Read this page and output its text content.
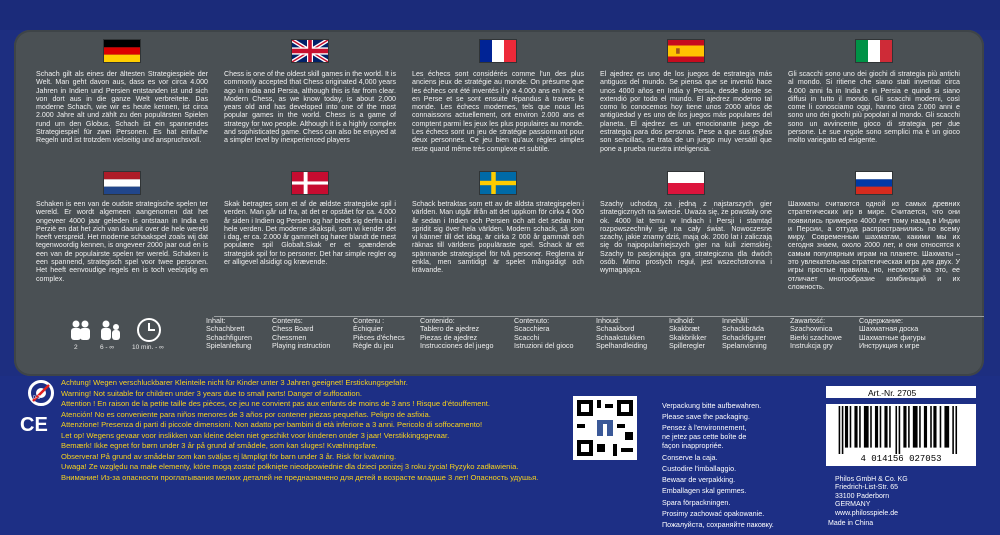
Schach gilt als eines der ältesten Strategiespiele der Welt. Man geht davon aus, dass es vor circa 4.000 Jahren in Indien und Persien entstanden ist und sich von dort aus in die ganze Welt verbreitete. Das moderne Schach, wie wir es heute kennen, ist circa 2.000 Jahre alt und zählt zu den populärsten Spielen rund um den Globus. Schach ist ein spannendes Strategiespiel für zwei Personen. Es hat einfache Regeln und ist trotzdem vielseitig und anspruchsvoll.
Chess is one of the oldest skill games in the world. It is commonly accepted that Chess originated 4,000 years ago in India and Persia, although this is far from clear. Modern Chess, as we know today, is about 2,000 years old and has developed into one of the most popular games in the world. Chess is a game of strategy for two people. Although it is a highly complex and sophisticated game. Chess can also be enjoyed at a simpler level by inexperienced players
Les échecs sont considérés comme l'un des plus anciens jeux de stratégie au monde. On présume que les échecs ont été inventés il y a 4.000 ans en Inde et en Perse et se sont ensuite répandus à travers le monde. Les échecs modernes, tels que nous les connaissons actuellement, ont environ 2.000 ans et comptent parmi les jeux les plus populaires au monde. Les échecs sont un jeu de stratégie passionnant pour deux personnes. Ce jeu bien qu'aux règles simples reste quand même très complexe et subtile.
El ajedrez es uno de los juegos de estrategia más antiguos del mundo. Se piensa que se inventó hace unos 4000 años en India y Persia, desde donde se extendió por todo el mundo. El ajedrez moderno tal como lo conocemos hoy tiene unos 2000 años de antigüedad y es uno de los juegos más populares del planeta. El ajedrez es un emocionante juego de estrategia para dos personas. Pese a que sus reglas son sencillas, se trata de un juego muy versátil que pone a prueba nuestra inteligencia.
Gli scacchi sono uno dei giochi di strategia più antichi al mondo. Si ritiene che siano stati inventati circa 4.000 anni fa in India e in Persia e quindi si siano diffusi in tutto il mondo. Gli scacchi moderni, così come li conosciamo oggi, hanno circa 2.000 anni e sono uno dei giochi più popolari al mondo. Gli scacchi sono un avvincente gioco di strategia per due persone. Le sue regole sono semplici ma è un gioco molto variegato ed esigente.
Schaken is een van de oudste strategische spelen ter wereld. Er wordt algemeen aangenomen dat het ongeveer 4000 jaar geleden is ontstaan in India en Perzië en dat het zich van daaruit over de hele wereld heeft verspreid. Het moderne schaakspel zoals wij dat tegenwoordig kennen, is ongeveer 2000 jaar oud en is een van de populairste spelen ter wereld. Schaken is een spannend, strategisch spel voor twee personen. Het heeft eenvoudige regels en is toch veelzijdig en complex.
Skak betragtes som et af de ældste strategiske spil i verden. Man går ud fra, at det er opstået for ca. 4.000 år siden i Indien og Persien og har bredt sig derfra ud i hele verden. Det moderne skakspil, som vi kender det i dag, er ca. 2.000 år gammelt og hører blandt de mest populære spil Globalt.Skak er et spændende strategisk spil for to personer. Det har simple regler og er alligevel alsidigt og krævende.
Schack betraktas som ett av de äldsta strategispelen i världen. Man utgår ifrån att det uppkom för cirka 4 000 år sedan i Indien och Persien och att det sedan har spridit sig över hela världen. Modern schack, så som vi känner till det idag, är cirka 2 000 år gammalt och räknas till världens populäraste spel. Schack är ett spännande strategispel för två personer. Reglerna är enkla, men samtidigt är spelet mångsidigt och krävande.
Szachy uchodzą za jedną z najstarszych gier strategicznych na świecie. Uważa się, że powstały one ok. 4000 lat temu w Indiach i Persji i stamtąd rozpowszechniły się na cały świat. Nowoczesne szachy, jakie znamy dziś, mają ok. 2000 lat i zaliczają się do najpopularniejszych gier na kuli ziemskiej. Szachy to pasjonująca gra strategiczna dla dwóch osób. Mimo prostych reguł, jest wszechstronna i wymagająca.
Шахматы считаются одной из самых древних стратегических игр в мире. Считается, что они появились примерно 4000 лет тому назад в Индии и Персии, а оттуда распространились по всему миру. Современным шахматам, какими мы их сегодня знаем, около 2000 лет, и они относятся к самым популярным играм на планете. Шахматы – это увлекательная стратегическая игра для двух. У игры простые правила, но, несмотря на это, ее отличает многообразие комбинаций и их сложность.
2	6 - ∞	10 min. - ∞
Inhalt:
Schachbrett
Schachfiguren
Spielanleitung
Contents:
Chess Board
Chessmen
Playing instruction
Contenu :
Échiquier
Pièces d'échecs
Règle du jeu
Contenido:
Tablero de ajedrez
Piezas de ajedrez
Instrucciones del juego
Contenuto:
Scacchiera
Scacchi
Istruzioni del gioco
Inhoud:
Schaakbord
Schaakstukken
Spelhandleiding
Indhold:
Skakbræt
Skakbrikker
Spilleregler
Innehåll:
Schackbräda
Schackfigurer
Spelanvisning
Zawartość:
Szachownica
Bierki szachowe
Instrukcja gry
Содержание:
Шахматная доска
Шахматные фигуры
Инструкция к игре
0-3
CE
Achtung! Wegen verschluckbarer Kleinteile nicht für Kinder unter 3 Jahren geeignet! Erstickungsgefahr.
Warning! Not suitable for children under 3 years due to small parts! Danger of suffocation.
Attention ! En raison de la petite taille des pièces, ce jeu ne convient pas aux enfants de moins de 3 ans ! Risque d'étouffement.
Atención! No es conveniente para niños menores de 3 años por contener piezas pequeñas. Peligro de asfixia.
Attenzione! Presenza di parti di piccole dimensioni. Non adatto per bambini di età inferiore a 3 anni. Pericolo di soffocamento!
Let op! Wegens gevaar voor inslikken van kleine delen niet geschikt voor kinderen onder 3 jaar! Verstikkingsgevaar.
Bemærk! Ikke egnet for børn under 3 år på grund af smådele, som kan sluges! Kvælningsfare.
Observera! På grund av smådelar som kan sväljas ej lämpligt för barn under 3 år. Risk för kvävning.
Uwaga! Ze względu na małe elementy, które mogą zostać połknięte nieodpowiednie dla dzieci poniżej 3 roku życia! Ryzyko zadławienia.
Внимание! Из-за опасности проглатывания мелких деталей не предназначено для детей в возрасте младше 3 лет! Опасность удушья.
Verpackung bitte aufbewahren.
Please save the packaging.
Pensez à l'environnement, ne jetez pas cette boîte de façon inappropriée.
Conserve la caja.
Custodire l'imballaggio.
Bewaar de verpakking.
Emballagen skal gemmes.
Spara förpackningen.
Prosimy zachować opakowanie.
Пожалуйста, сохраняйте паковку.
Art.-Nr. 2705
4 014156 027053
Philos GmbH & Co. KG
Friedrich-List-Str. 65
33100 Paderborn
GERMANY
www.philosspiele.de
Made in China
